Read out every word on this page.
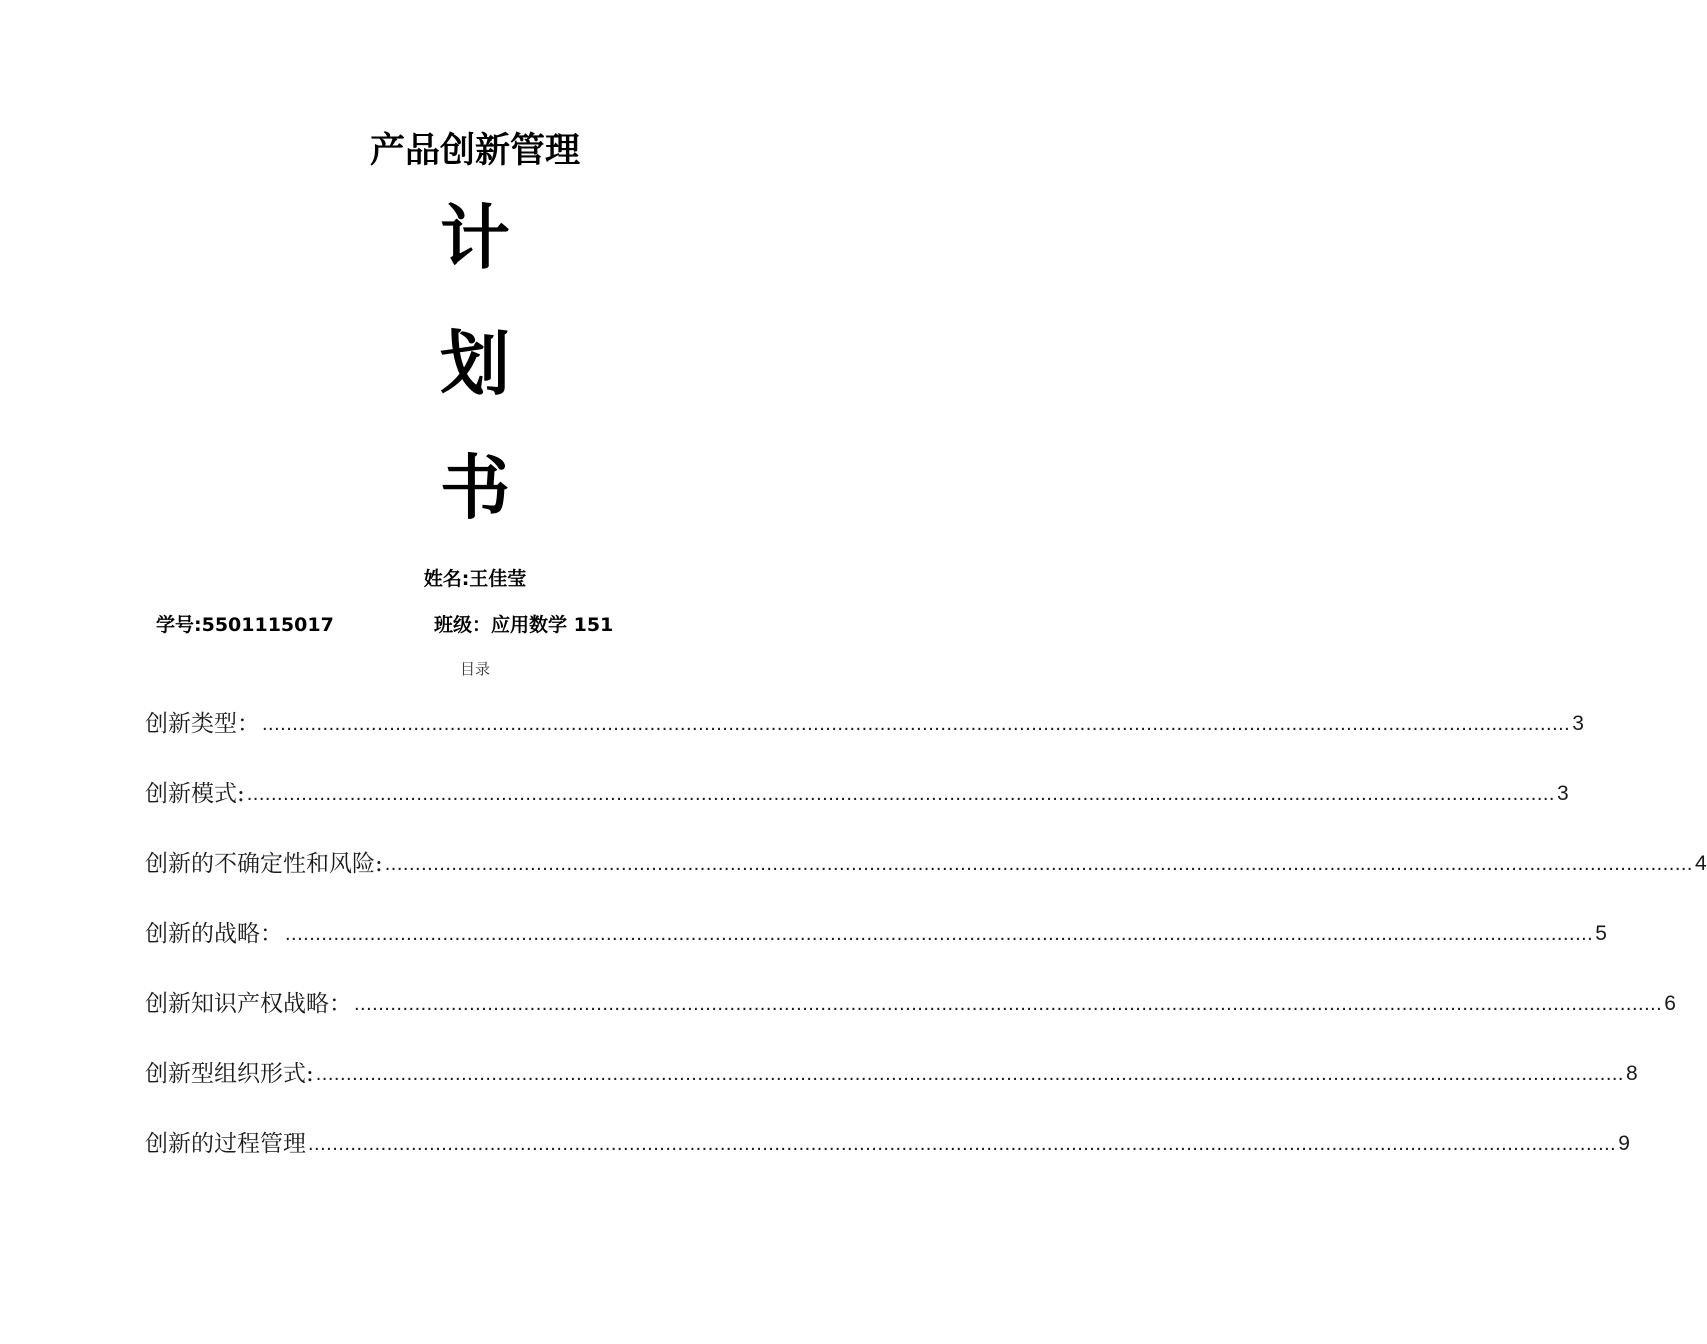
产品创新管理
计
划
书
姓名:王佳莹
学号:5501115017	班级：应用数学 151
目录
创新类型： ........................................................................................................................................................................................................................ 3
创新模式: ........................................................................................................................................................................................................................ 3
创新的不确定性和风险: ........................................................................................................................................................................................................................ 4
创新的战略： ........................................................................................................................................................................................................................ 5
创新知识产权战略： ........................................................................................................................................................................................................................ 6
创新型组织形式: ........................................................................................................................................................................................................................ 8
创新的过程管理 ........................................................................................................................................................................................................................ 9
